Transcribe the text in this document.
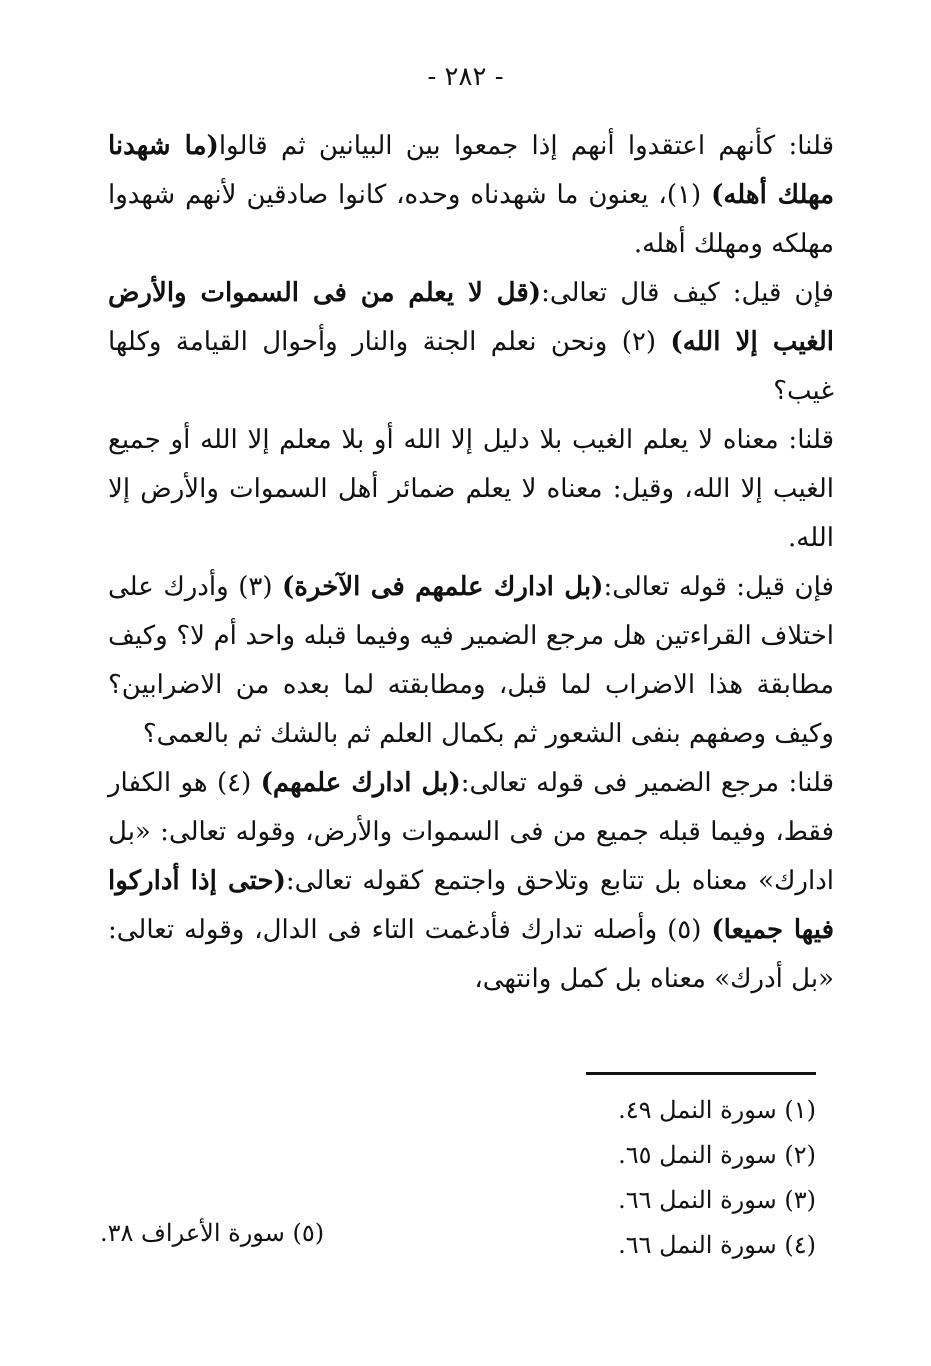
- ٢٨٢ -

قلنا: كأنهم اعتقدوا أنهم إذا جمعوا بين البيانين ثم قالوا(ما شهدنا مهلك أهله) (١)، يعنون ما شهدناه وحده، كانوا صادقين لأنهم شهدوا مهلكه ومهلك أهله.

فإن قيل: كيف قال تعالى:(قل لا يعلم من فى السموات والأرض الغيب إلا الله) (٢) ونحن نعلم الجنة والنار وأحوال القيامة وكلها غيب؟

قلنا: معناه لا يعلم الغيب بلا دليل إلا الله أو بلا معلم إلا الله أو جميع الغيب إلا الله، وقيل: معناه لا يعلم ضمائر أهل السموات والأرض إلا الله.

فإن قيل: قوله تعالى:(بل ادارك علمهم فى الآخرة) (٣) وأدرك على اختلاف القراءتين هل مرجع الضمير فيه وفيما قبله واحد أم لا؟ وكيف مطابقة هذا الاضراب لما قبل، ومطابقته لما بعده من الاضرابين؟ وكيف وصفهم بنفى الشعور ثم بكمال العلم ثم بالشك ثم بالعمى؟

قلنا: مرجع الضمير فى قوله تعالى:(بل ادارك علمهم) (٤) هو الكفار فقط، وفيما قبله جميع من فى السموات والأرض، وقوله تعالى: «بل ادارك» معناه بل تتابع وتلاحق واجتمع كقوله تعالى:(حتى إذا أداركوا فيها جميعا) (٥) وأصله تدارك فأدغمت التاء فى الدال، وقوله تعالى: «بل أدرك» معناه بل كمل وانتهى،

(١) سورة النمل ٤٩.
(٢) سورة النمل ٦٥.
(٣) سورة النمل ٦٦.
(٤) سورة النمل ٦٦.
(٥) سورة الأعراف ٣٨.
